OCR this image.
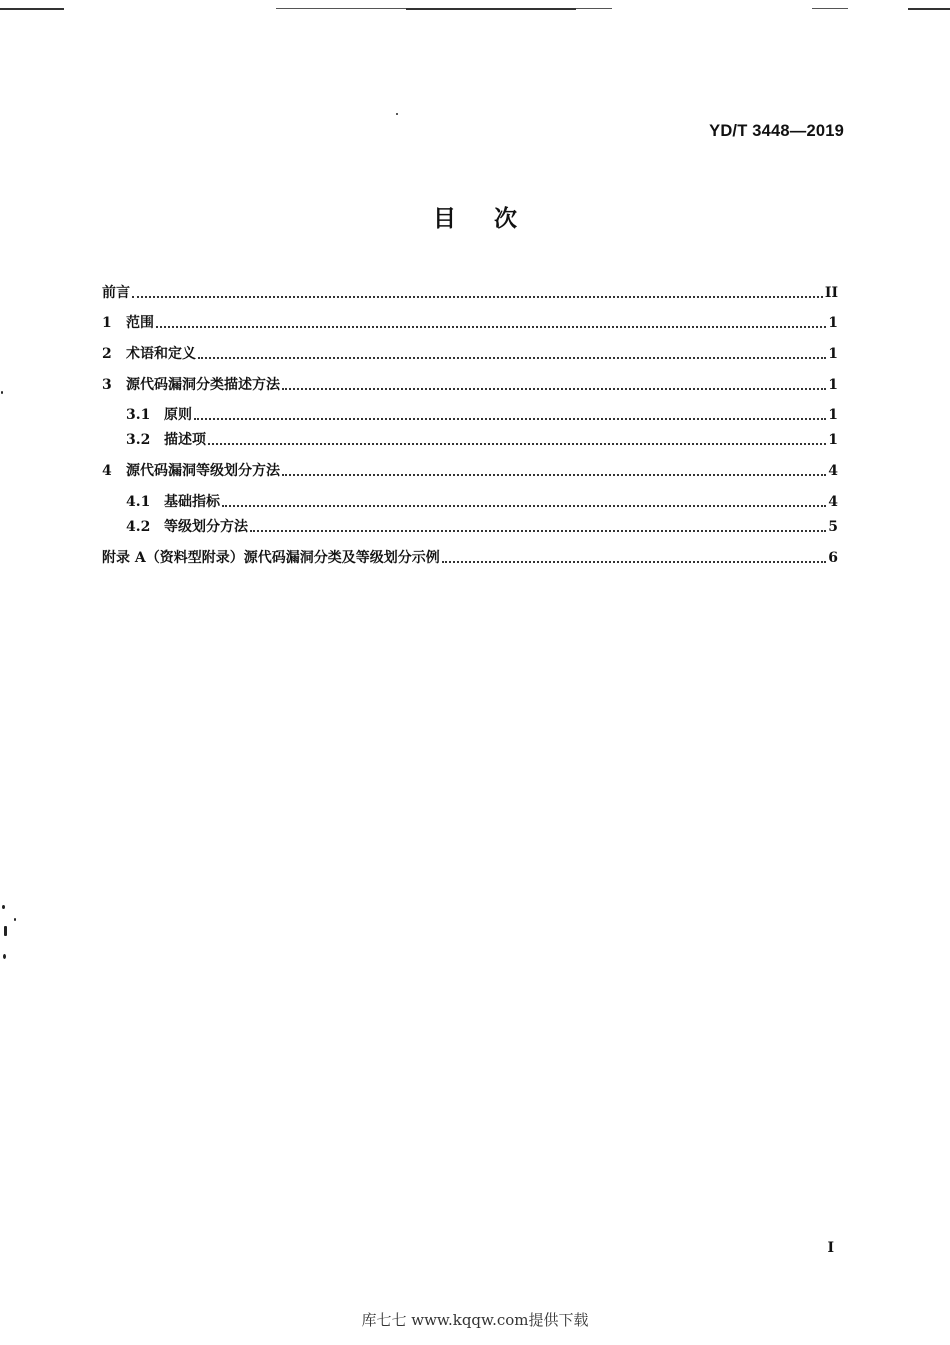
YD/T 3448—2019
目次
前言	II
1	范围	1
2	术语和定义	1
3	源代码漏洞分类描述方法	1
3.1 原则	1
3.2 描述项	1
4	源代码漏洞等级划分方法	4
4.1 基础指标	4
4.2 等级划分方法	5
附录 A（资料型附录）源代码漏洞分类及等级划分示例	6
I
库七七 www.kqqw.com提供下载
